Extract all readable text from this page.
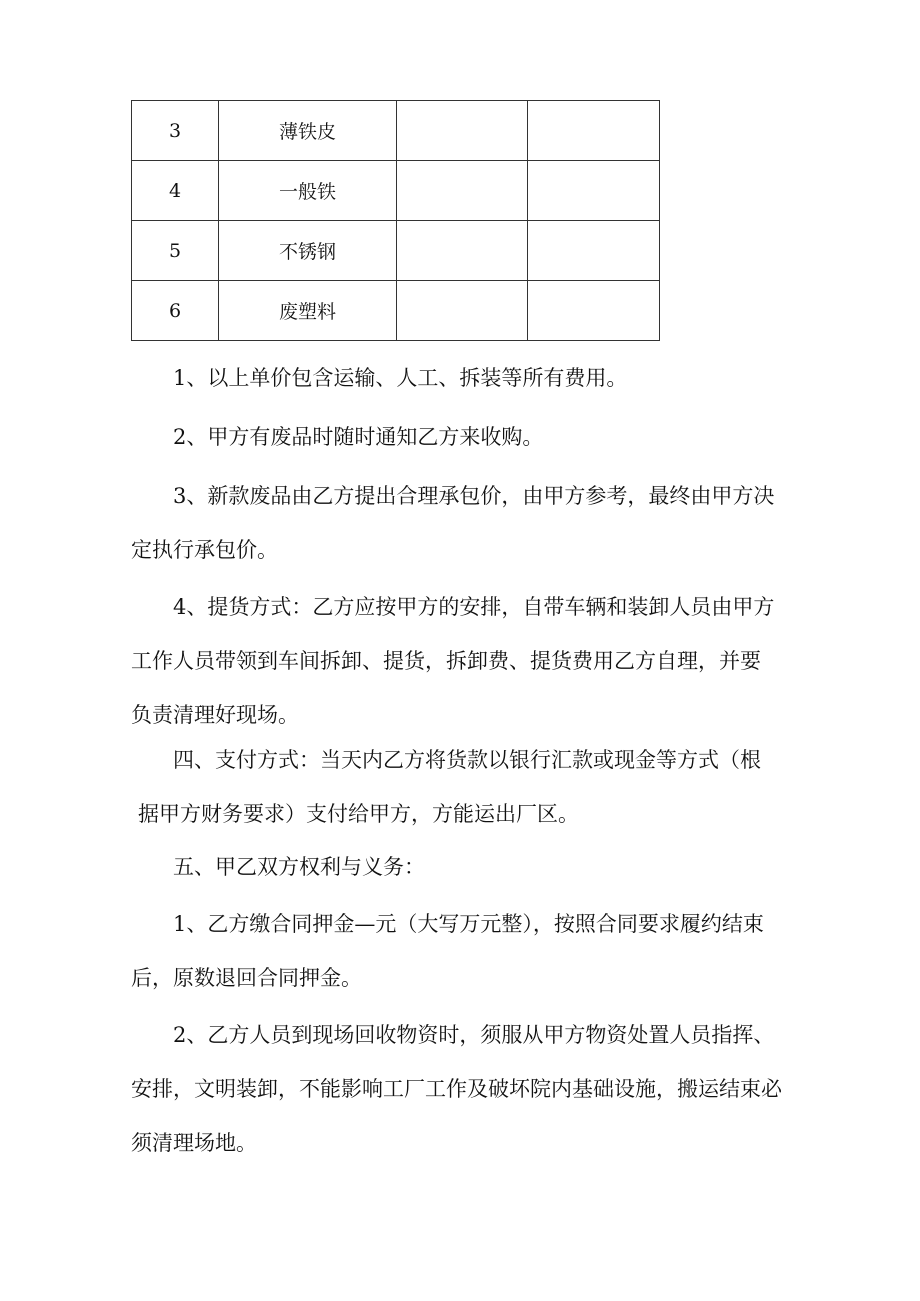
3	薄铁皮		
4	一般铁		
5	不锈钢		
6	废塑料		

1、以上单价包含运输、人工、拆装等所有费用。

2、甲方有废品时随时通知乙方来收购。

3、新款废品由乙方提出合理承包价，由甲方参考，最终由甲方决
定执行承包价。

4、提货方式：乙方应按甲方的安排，自带车辆和装卸人员由甲方
工作人员带领到车间拆卸、提货，拆卸费、提货费用乙方自理，并要
负责清理好现场。

四、支付方式：当天内乙方将货款以银行汇款或现金等方式（根
据甲方财务要求）支付给甲方，方能运出厂区。

五、甲乙双方权利与义务：

1、乙方缴合同押金—元（大写万元整），按照合同要求履约结束
后，原数退回合同押金。

2、乙方人员到现场回收物资时，须服从甲方物资处置人员指挥、
安排，文明装卸，不能影响工厂工作及破坏院内基础设施，搬运结束必
须清理场地。
